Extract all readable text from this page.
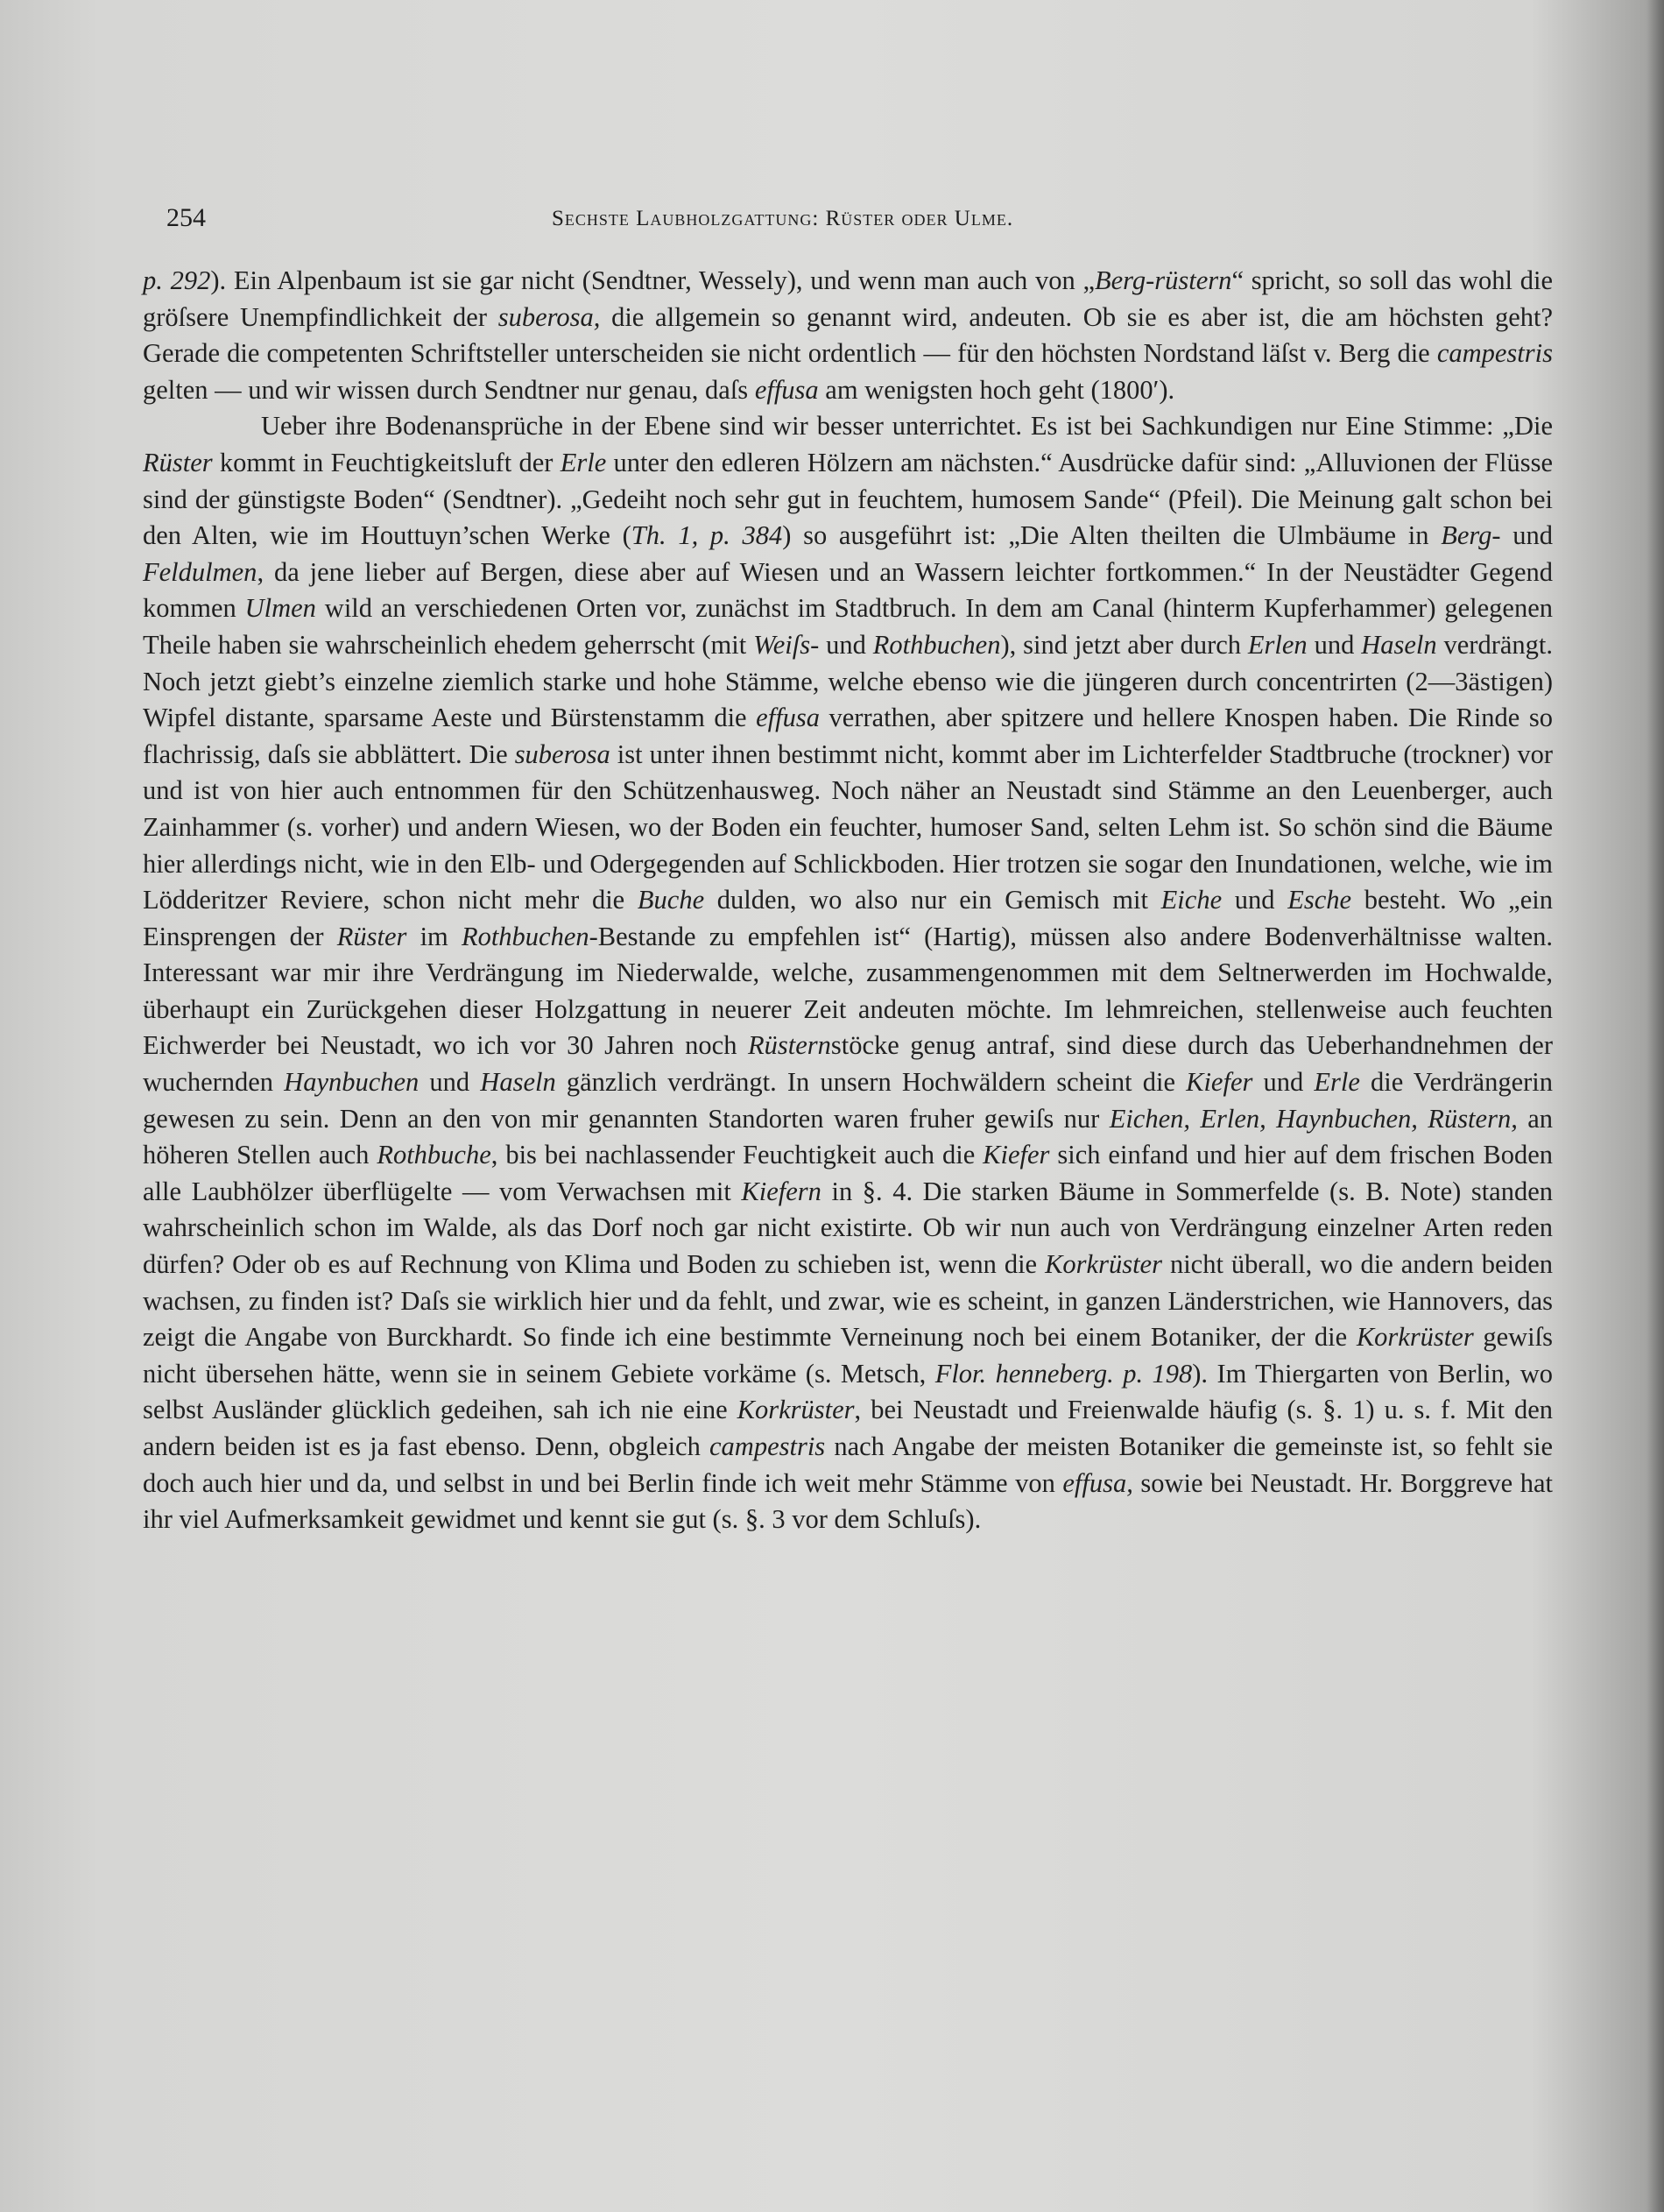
254	Sechste Laubholzgattung: Rüster oder Ulme.

p. 292). Ein Alpenbaum ist sie gar nicht (Sendtner, Wessely), und wenn man auch von „Berg-rüstern“ spricht, so soll das wohl die gröſsere Unempfindlichkeit der suberosa, die allgemein so genannt wird, andeuten. Ob sie es aber ist, die am höchsten geht? Gerade die competenten Schriftsteller unterscheiden sie nicht ordentlich — für den höchsten Nordstand läſst v. Berg die campestris gelten — und wir wissen durch Sendtner nur genau, daſs effusa am wenigsten hoch geht (1800′).

Ueber ihre Bodenansprüche in der Ebene sind wir besser unterrichtet. Es ist bei Sachkundigen nur Eine Stimme: „Die Rüster kommt in Feuchtigkeitsluft der Erle unter den edleren Hölzern am nächsten.“ Ausdrücke dafür sind: „Alluvionen der Flüsse sind der günstigste Boden“ (Sendtner). „Gedeiht noch sehr gut in feuchtem, humosem Sande“ (Pfeil). Die Meinung galt schon bei den Alten, wie im Houttuyn’schen Werke (Th. 1, p. 384) so ausgeführt ist: „Die Alten theilten die Ulmbäume in Berg- und Feldulmen, da jene lieber auf Bergen, diese aber auf Wiesen und an Wassern leichter fortkommen.“ In der Neustädter Gegend kommen Ulmen wild an verschiedenen Orten vor, zunächst im Stadtbruch. In dem am Canal (hinterm Kupferhammer) gelegenen Theile haben sie wahrscheinlich ehedem geherrscht (mit Weiſs- und Rothbuchen), sind jetzt aber durch Erlen und Haseln verdrängt. Noch jetzt giebt’s einzelne ziemlich starke und hohe Stämme, welche ebenso wie die jüngeren durch concentrirten (2—3ästigen) Wipfel distante, sparsame Aeste und Bürstenstamm die effusa verrathen, aber spitzere und hellere Knospen haben. Die Rinde so flachrissig, daſs sie abblättert. Die suberosa ist unter ihnen bestimmt nicht, kommt aber im Lichterfelder Stadtbruche (trockner) vor und ist von hier auch entnommen für den Schützenhausweg. Noch näher an Neustadt sind Stämme an den Leuenberger, auch Zainhammer (s. vorher) und andern Wiesen, wo der Boden ein feuchter, humoser Sand, selten Lehm ist. So schön sind die Bäume hier allerdings nicht, wie in den Elb- und Odergegenden auf Schlickboden. Hier trotzen sie sogar den Inundationen, welche, wie im Lödderitzer Reviere, schon nicht mehr die Buche dulden, wo also nur ein Gemisch mit Eiche und Esche besteht. Wo „ein Einsprengen der Rüster im Rothbuchen-Bestande zu empfehlen ist“ (Hartig), müssen also andere Bodenverhältnisse walten. Interessant war mir ihre Verdrängung im Niederwalde, welche, zusammengenommen mit dem Seltnerwerden im Hochwalde, überhaupt ein Zurückgehen dieser Holzgattung in neuerer Zeit andeuten möchte. Im lehmreichen, stellenweise auch feuchten Eichwerder bei Neustadt, wo ich vor 30 Jahren noch Rüsternstöcke genug antraf, sind diese durch das Ueberhandnehmen der wuchernden Haynbuchen und Haseln gänzlich verdrängt. In unsern Hochwäldern scheint die Kiefer und Erle die Verdrängerin gewesen zu sein. Denn an den von mir genannten Standorten waren fruher gewiſs nur Eichen, Erlen, Haynbuchen, Rüstern, an höheren Stellen auch Rothbuche, bis bei nachlassender Feuchtigkeit auch die Kiefer sich einfand und hier auf dem frischen Boden alle Laubhölzer überflügelte — vom Verwachsen mit Kiefern in §. 4. Die starken Bäume in Sommerfelde (s. B. Note) standen wahrscheinlich schon im Walde, als das Dorf noch gar nicht existirte. Ob wir nun auch von Verdrängung einzelner Arten reden dürfen? Oder ob es auf Rechnung von Klima und Boden zu schieben ist, wenn die Korkrüster nicht überall, wo die andern beiden wachsen, zu finden ist? Daſs sie wirklich hier und da fehlt, und zwar, wie es scheint, in ganzen Länderstrichen, wie Hannovers, das zeigt die Angabe von Burckhardt. So finde ich eine bestimmte Verneinung noch bei einem Botaniker, der die Korkrüster gewiſs nicht übersehen hätte, wenn sie in seinem Gebiete vorkäme (s. Metsch, Flor. henneberg. p. 198). Im Thiergarten von Berlin, wo selbst Ausländer glücklich gedeihen, sah ich nie eine Korkrüster, bei Neustadt und Freienwalde häufig (s. §. 1) u. s. f. Mit den andern beiden ist es ja fast ebenso. Denn, obgleich campestris nach Angabe der meisten Botaniker die gemeinste ist, so fehlt sie doch auch hier und da, und selbst in und bei Berlin finde ich weit mehr Stämme von effusa, sowie bei Neustadt. Hr. Borggreve hat ihr viel Aufmerksamkeit gewidmet und kennt sie gut (s. §. 3 vor dem Schluſs).
